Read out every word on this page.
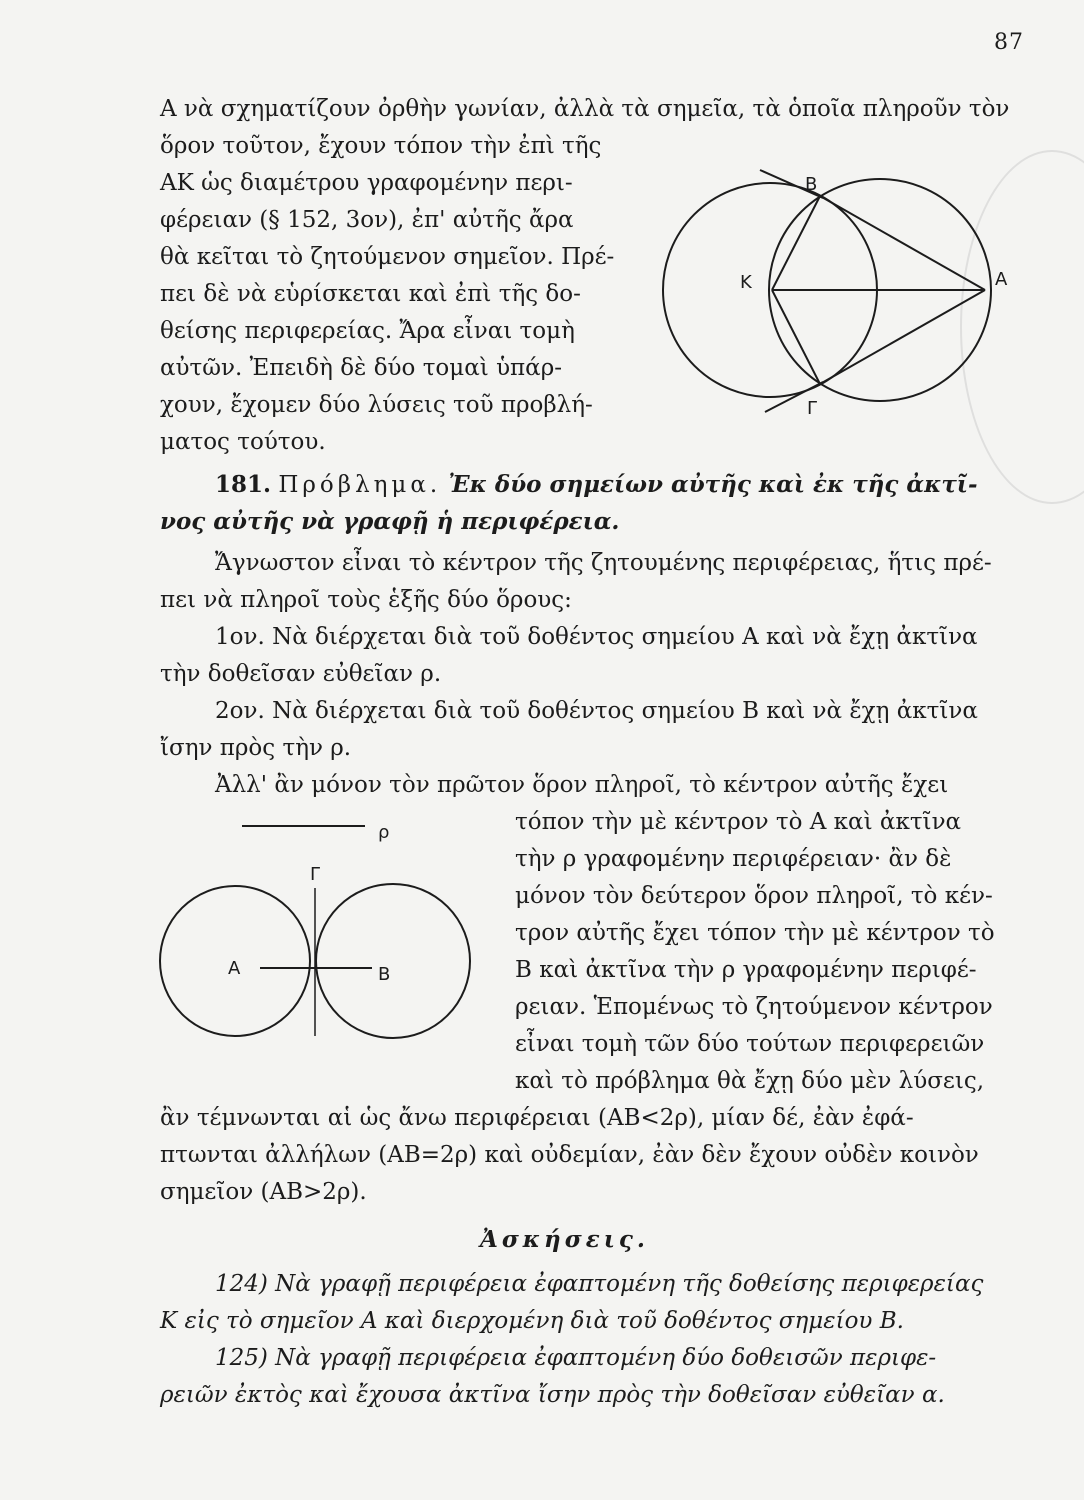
87
Α νὰ σχηματίζουν ὀρθὴν γωνίαν, ἀλλὰ τὰ σημεῖα, τὰ ὁποῖα πληροῦν τὸν
ὅρον τοῦτον, ἔχουν τόπον τὴν ἐπὶ τῆς
ΑΚ ὡς διαμέτρου γραφομένην περι-
φέρειαν (§ 152, 3ον), ἐπ' αὐτῆς ἄρα
θὰ κεῖται τὸ ζητούμενον σημεῖον. Πρέ-
πει δὲ νὰ εὑρίσκεται καὶ ἐπὶ τῆς δο-
θείσης περιφερείας. Ἄρα εἶναι τομὴ
αὐτῶν. Ἐπειδὴ δὲ δύο τομαὶ ὑπάρ-
χουν, ἔχομεν δύο λύσεις τοῦ προβλή-
ματος τούτου.
Β
Κ	Α
Γ
181. Πρόβλημα. Ἐκ δύο σημείων αὐτῆς καὶ ἐκ τῆς ἀκτῖ-
νος αὐτῆς νὰ γραφῇ ἡ περιφέρεια.
Ἄγνωστον εἶναι τὸ κέντρον τῆς ζητουμένης περιφέρειας, ἥτις πρέ-
πει νὰ πληροῖ τοὺς ἑξῆς δύο ὅρους:
1ον. Νὰ διέρχεται διὰ τοῦ δοθέντος σημείου Α καὶ νὰ ἔχῃ ἀκτῖνα
τὴν δοθεῖσαν εὐθεῖαν ρ.
2ον. Νὰ διέρχεται διὰ τοῦ δοθέντος σημείου Β καὶ νὰ ἔχῃ ἀκτῖνα
ἴσην πρὸς τὴν ρ.
Ἀλλ' ἂν μόνον τὸν πρῶτον ὅρον πληροῖ, τὸ κέντρον αὐτῆς ἔχει
τόπον τὴν μὲ κέντρον τὸ Α καὶ ἀκτῖνα
τὴν ρ γραφομένην περιφέρειαν· ἂν δὲ
μόνον τὸν δεύτερον ὅρον πληροῖ, τὸ κέν-
τρον αὐτῆς ἔχει τόπον τὴν μὲ κέντρον τὸ
Β καὶ ἀκτῖνα τὴν ρ γραφομένην περιφέ-
ρειαν. Ἑπομένως τὸ ζητούμενον κέντρον
εἶναι τομὴ τῶν δύο τούτων περιφερειῶν
καὶ τὸ πρόβλημα θὰ ἔχῃ δύο μὲν λύσεις,
ρ
Γ
Α	Β
ἂν τέμνωνται αἱ ὡς ἄνω περιφέρειαι (ΑΒ<2ρ), μίαν δέ, ἐὰν ἐφά-
πτωνται ἀλλήλων (ΑΒ=2ρ) καὶ οὐδεμίαν, ἐὰν δὲν ἔχουν οὐδὲν κοινὸν
σημεῖον (ΑΒ>2ρ).
Ἀσκήσεις.
124) Νὰ γραφῇ περιφέρεια ἐφαπτομένη τῆς δοθείσης περιφερείας
Κ εἰς τὸ σημεῖον Α καὶ διερχομένη διὰ τοῦ δοθέντος σημείου Β.
125) Νὰ γραφῇ περιφέρεια ἐφαπτομένη δύο δοθεισῶν περιφε-
ρειῶν ἐκτὸς καὶ ἔχουσα ἀκτῖνα ἴσην πρὸς τὴν δοθεῖσαν εὐθεῖαν α.
